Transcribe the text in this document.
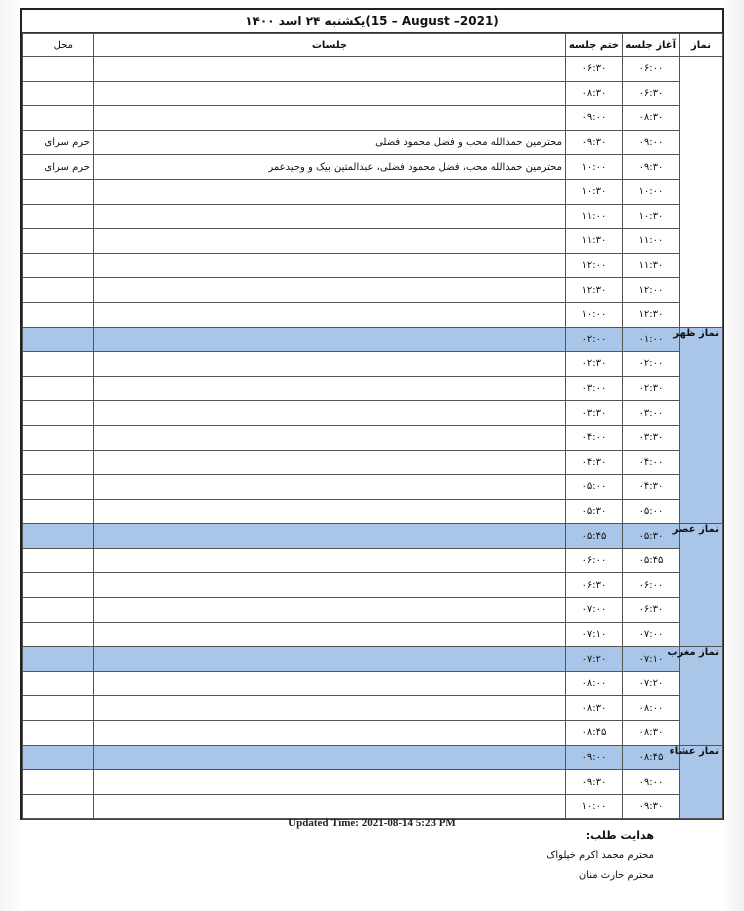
یکشنبه ۲۴ اسد ۱۴۰۰(15 – August –2021)
نماز	آغاز جلسه	ختم جلسه	جلسات	محل
	۰۶:۰۰	۰۶:۳۰		
	۰۶:۳۰	۰۸:۳۰		
	۰۸:۳۰	۰۹:۰۰		
	۰۹:۰۰	۰۹:۳۰	محترمین حمدالله محب و فضل محمود فضلی	حرم سرای
	۰۹:۳۰	۱۰:۰۰	محترمین حمدالله محب، فضل محمود فضلی، عبدالمتین بیک و وحیدعمر	حرم سرای
	۱۰:۰۰	۱۰:۳۰		
	۱۰:۳۰	۱۱:۰۰		
	۱۱:۰۰	۱۱:۳۰		
	۱۱:۳۰	۱۲:۰۰		
	۱۲:۰۰	۱۲:۳۰		
	۱۲:۳۰	۱۰:۰۰		
نماز ظهر	۰۱:۰۰	۰۲:۰۰		
	۰۲:۰۰	۰۲:۳۰		
	۰۲:۳۰	۰۳:۰۰		
	۰۳:۰۰	۰۳:۳۰		
	۰۳:۳۰	۰۴:۰۰		
	۰۴:۰۰	۰۴:۳۰		
	۰۴:۳۰	۰۵:۰۰		
	۰۵:۰۰	۰۵:۳۰		
نماز عصر	۰۵:۳۰	۰۵:۴۵		
	۰۵:۴۵	۰۶:۰۰		
	۰۶:۰۰	۰۶:۳۰		
	۰۶:۳۰	۰۷:۰۰		
	۰۷:۰۰	۰۷:۱۰		
نماز مغرب	۰۷:۱۰	۰۷:۲۰		
	۰۷:۲۰	۰۸:۰۰		
	۰۸:۰۰	۰۸:۳۰		
	۰۸:۳۰	۰۸:۴۵		
نماز عشاء	۰۸:۴۵	۰۹:۰۰		
	۰۹:۰۰	۰۹:۳۰		
	۰۹:۳۰	۱۰:۰۰		
Updated Time: 2021-08-14 5:23 PM
هدایت طلب:
محترم محمد اکرم خپلواک
محترم حارث منان
